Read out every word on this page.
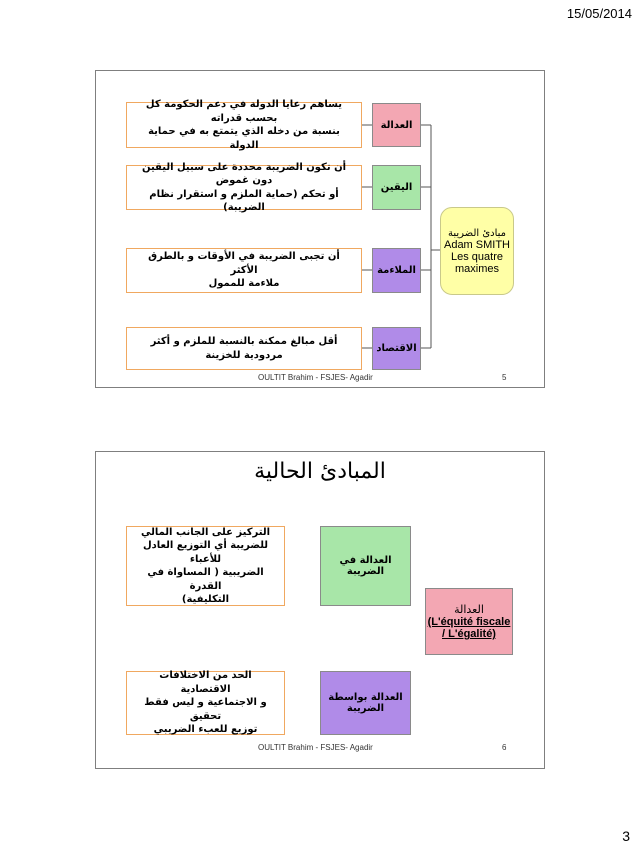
15/05/2014
يساهم رعايا الدولة في دعم الحكومة كل بحسب قدراته
بنسبة من دخله الذي يتمتع به في حماية الدولة
العدالة
أن تكون الضريبة محددة على سبيل اليقين دون غموض
أو تحكم (حماية الملزم و استقرار نظام الضريبة)
اليقين
أن تجبى الضريبة في الأوقات و بالطرق الأكثر
ملاءمة للممول
الملاءمة
أقل مبالغ ممكنة بالنسبة للملزم و أكثر مردودية للخزينة
الاقتصاد
مبادئ الضريبة
Adam SMITH
Les quatre
maximes
OULTIT Brahim - FSJES- Agadir	5
المبادئ الحالية
التركيز على الجانب المالي
للضريبة أي التوزيع العادل للأعباء
الضريبية ( المساواة في القدرة
التكليفية)
العدالة في الضريبة
العدالة
(L'équité fiscale
/ L'égalité)
الحد من الاختلافات الاقتصادية
و الاجتماعية و ليس فقط تحقيق
توزيع للعبء الضريبي
العدالة بواسطة الضريبة
OULTIT Brahim - FSJES- Agadir	6
3
